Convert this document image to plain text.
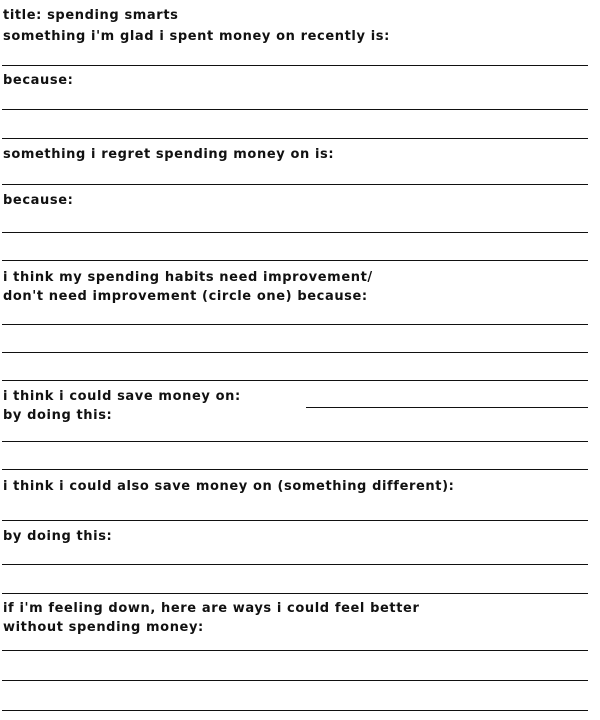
title: spending smarts

something i'm glad i spent money on recently is:

because:

something i regret spending money on is:

because:

i think my spending habits need improvement/

don't need improvement (circle one) because:

i think i could save money on:

by doing this:

i think i could also save money on (something different):

by doing this:

if i'm feeling down, here are ways i could feel better

without spending money:
